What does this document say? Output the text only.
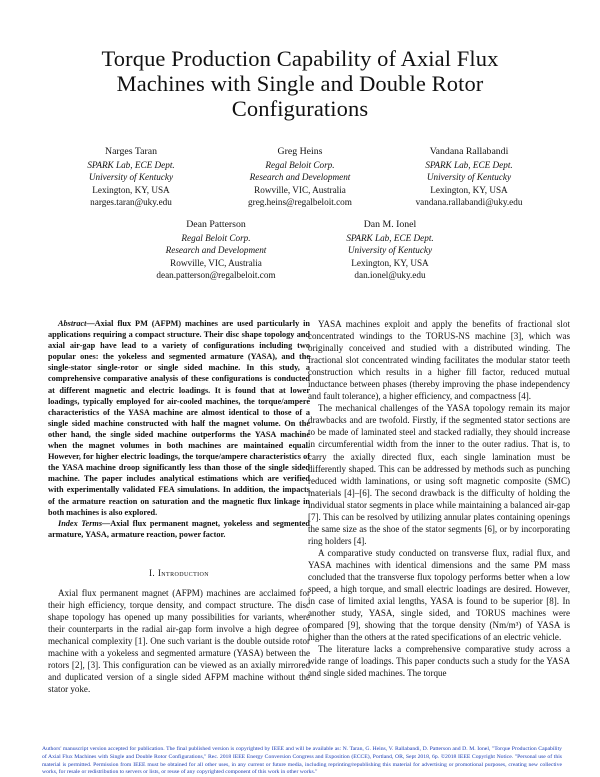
Torque Production Capability of Axial Flux
Machines with Single and Double Rotor
Configurations
Narges Taran
SPARK Lab, ECE Dept.
University of Kentucky
Lexington, KY, USA
narges.taran@uky.edu
Greg Heins
Regal Beloit Corp.
Research and Development
Rowville, VIC, Australia
greg.heins@regalbeloit.com
Vandana Rallabandi
SPARK Lab, ECE Dept.
University of Kentucky
Lexington, KY, USA
vandana.rallabandi@uky.edu
Dean Patterson
Regal Beloit Corp.
Research and Development
Rowville, VIC, Australia
dean.patterson@regalbeloit.com
Dan M. Ionel
SPARK Lab, ECE Dept.
University of Kentucky
Lexington, KY, USA
dan.ionel@uky.edu

Abstract—Axial flux PM (AFPM) machines are used particularly in applications requiring a compact structure. Their disc shape topology and axial air-gap have lead to a variety of configurations including two popular ones: the yokeless and segmented armature (YASA), and the single-stator single-rotor or single sided machine. In this study, a comprehensive comparative analysis of these configurations is conducted at different magnetic and electric loadings. It is found that at lower loadings, typically employed for air-cooled machines, the torque/ampere characteristics of the YASA machine are almost identical to those of a single sided machine constructed with half the magnet volume. On the other hand, the single sided machine outperforms the YASA machine when the magnet volumes in both machines are maintained equal. However, for higher electric loadings, the torque/ampere characteristics of the YASA machine droop significantly less than those of the single sided machine. The paper includes analytical estimations which are verified with experimentally validated FEA simulations. In addition, the impacts of the armature reaction on saturation and the magnetic flux linkage in both machines is also explored.

Index Terms—Axial flux permanent magnet, yokeless and segmented armature, YASA, armature reaction, power factor.

I. Introduction

Axial flux permanent magnet (AFPM) machines are acclaimed for their high efficiency, torque density, and compact structure. The disc shape topology has opened up many possibilities for variants, where their counterparts in the radial air-gap form involve a high degree of mechanical complexity [1]. One such variant is the double outside rotor machine with a yokeless and segmented armature (YASA) between the rotors [2], [3]. This configuration can be viewed as an axially mirrored and duplicated version of a single sided AFPM machine without the stator yoke.

YASA machines exploit and apply the benefits of fractional slot concentrated windings to the TORUS-NS machine [3], which was originally conceived and studied with a distributed winding. The fractional slot concentrated winding facilitates the modular stator teeth construction which results in a higher fill factor, reduced mutual inductance between phases (thereby improving the phase independency and fault tolerance), a higher efficiency, and compactness [4].

The mechanical challenges of the YASA topology remain its major drawbacks and are twofold. Firstly, if the segmented stator sections are to be made of laminated steel and stacked radially, they should increase in circumferential width from the inner to the outer radius. That is, to carry the axially directed flux, each single lamination must be differently shaped. This can be addressed by methods such as punching reduced width laminations, or using soft magnetic composite (SMC) materials [4]–[6]. The second drawback is the difficulty of holding the individual stator segments in place while maintaining a balanced air-gap [7]. This can be resolved by utilizing annular plates containing openings the same size as the shoe of the stator segments [6], or by incorporating ring holders [4].

A comparative study conducted on transverse flux, radial flux, and YASA machines with identical dimensions and the same PM mass concluded that the transverse flux topology performs better when a low speed, a high torque, and small electric loadings are desired. However, in case of limited axial lengths, YASA is found to be superior [8]. In another study, YASA, single sided, and TORUS machines were compared [9], showing that the torque density (Nm/m³) of YASA is higher than the others at the rated specifications of an electric vehicle.

The literature lacks a comprehensive comparative study across a wide range of loadings. This paper conducts such a study for the YASA and single sided machines. The torque

Authors' manuscript version accepted for publication. The final published version is copyrighted by IEEE and will be available as: N. Taran, G. Heins, V. Rallabandi, D. Patterson and D. M. Ionel, "Torque Production Capability of Axial Flux Machines with Single and Double Rotor Configurations," Rec. 2018 IEEE Energy Conversion Congress and Exposition (ECCE), Portland, OR, Sept 2018, 6p. ©2018 IEEE Copyright Notice. "Personal use of this material is permitted. Permission from IEEE must be obtained for all other uses, in any current or future media, including reprinting/republishing this material for advertising or promotional purposes, creating new collective works, for resale or redistribution to servers or lists, or reuse of any copyrighted component of this work in other works."
